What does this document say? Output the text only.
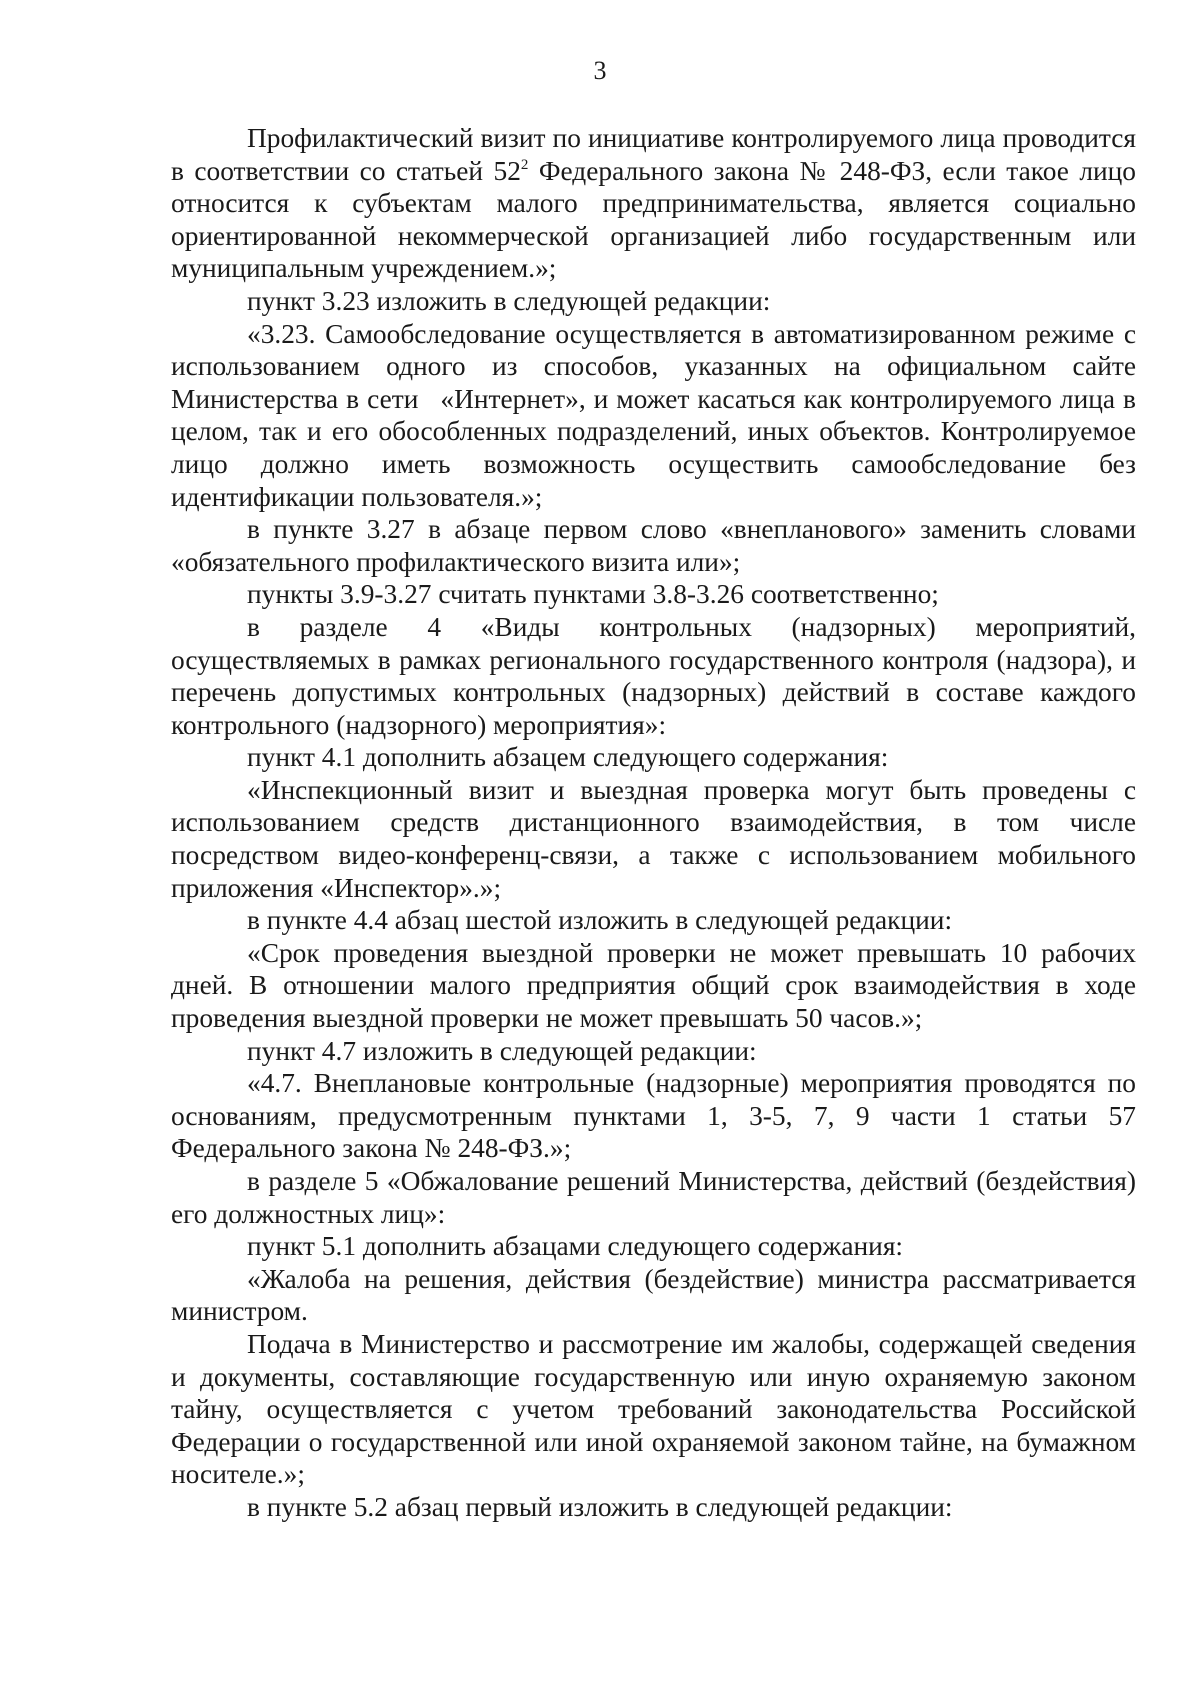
3

Профилактический визит по инициативе контролируемого лица проводится в соответствии со статьей $52^2$ Федерального закона № 248-ФЗ, если такое лицо относится к субъектам малого предпринимательства, является социально ориентированной некоммерческой организацией либо государственным или муниципальным учреждением.»;

пункт 3.23 изложить в следующей редакции:

«3.23. Самообследование осуществляется в автоматизированном режиме с использованием одного из способов, указанных на официальном сайте Министерства в сети «Интернет», и может касаться как контролируемого лица в целом, так и его обособленных подразделений, иных объектов. Контролируемое лицо должно иметь возможность осуществить самообследование без идентификации пользователя.»;

в пункте 3.27 в абзаце первом слово «внепланового» заменить словами «обязательного профилактического визита или»;

пункты 3.9-3.27 считать пунктами 3.8-3.26 соответственно;

в разделе 4 «Виды контрольных (надзорных) мероприятий, осуществляемых в рамках регионального государственного контроля (надзора), и перечень допустимых контрольных (надзорных) действий в составе каждого контрольного (надзорного) мероприятия»:

пункт 4.1 дополнить абзацем следующего содержания:

«Инспекционный визит и выездная проверка могут быть проведены с использованием средств дистанционного взаимодействия, в том числе посредством видео-конференц-связи, а также с использованием мобильного приложения «Инспектор».»;

в пункте 4.4 абзац шестой изложить в следующей редакции:

«Срок проведения выездной проверки не может превышать 10 рабочих дней. В отношении малого предприятия общий срок взаимодействия в ходе проведения выездной проверки не может превышать 50 часов.»;

пункт 4.7 изложить в следующей редакции:

«4.7. Внеплановые контрольные (надзорные) мероприятия проводятся по основаниям, предусмотренным пунктами 1, 3-5, 7, 9 части 1 статьи 57 Федерального закона № 248-ФЗ.»;

в разделе 5 «Обжалование решений Министерства, действий (бездействия) его должностных лиц»:

пункт 5.1 дополнить абзацами следующего содержания:

«Жалоба на решения, действия (бездействие) министра рассматривается министром.

Подача в Министерство и рассмотрение им жалобы, содержащей сведения и документы, составляющие государственную или иную охраняемую законом тайну, осуществляется с учетом требований законодательства Российской Федерации о государственной или иной охраняемой законом тайне, на бумажном носителе.»;

в пункте 5.2 абзац первый изложить в следующей редакции:
